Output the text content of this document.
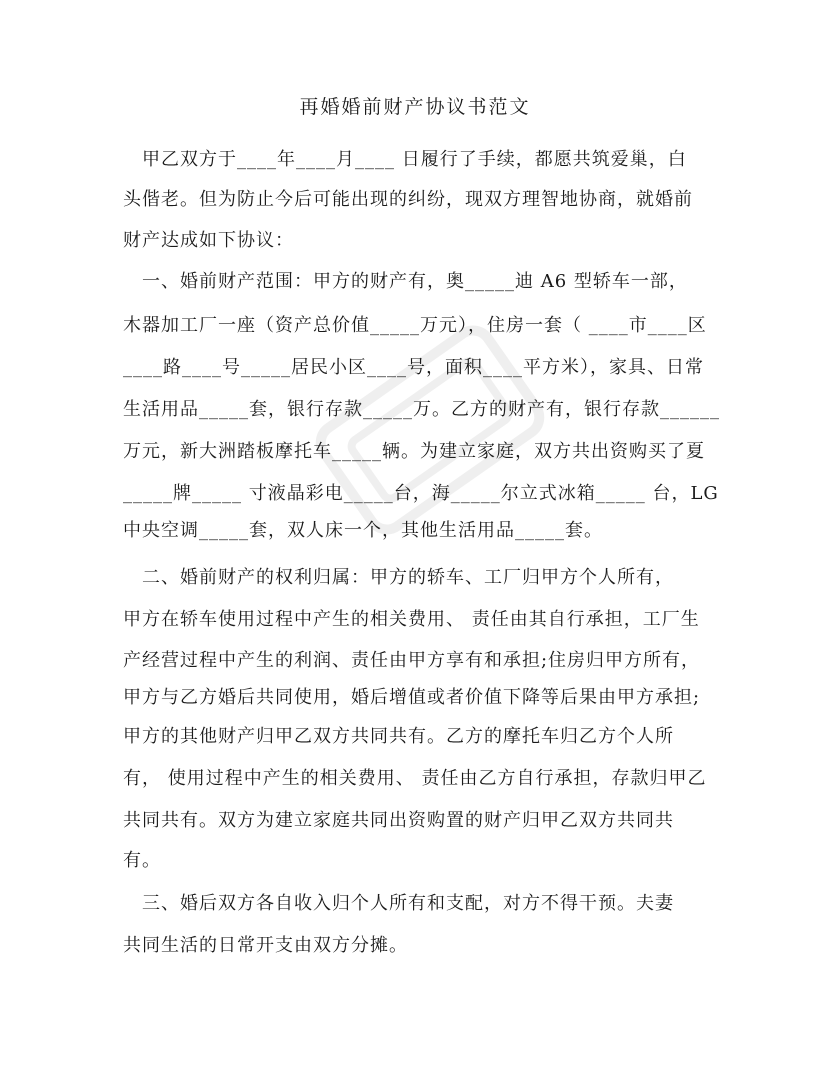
再婚婚前财产协议书范文
　甲乙双方于____年____月____ 日履行了手续，都愿共筑爱巢，白
头偕老。但为防止今后可能出现的纠纷，现双方理智地协商，就婚前
财产达成如下协议：
　一、婚前财产范围：甲方的财产有，奥_____迪 A6 型轿车一部，
木器加工厂一座（资产总价值_____万元），住房一套（ ____市____区
____路____号_____居民小区____号，面积____平方米），家具、日常
生活用品_____套，银行存款_____万。乙方的财产有，银行存款______
万元，新大洲踏板摩托车_____辆。为建立家庭，双方共出资购买了夏
_____牌_____ 寸液晶彩电_____台，海_____尔立式冰箱_____ 台，LG
中央空调_____套，双人床一个，其他生活用品_____套。
　二、婚前财产的权利归属：甲方的轿车、工厂归甲方个人所有，
甲方在轿车使用过程中产生的相关费用、 责任由其自行承担，工厂生
产经营过程中产生的利润、责任由甲方享有和承担;住房归甲方所有，
甲方与乙方婚后共同使用，婚后增值或者价值下降等后果由甲方承担;
甲方的其他财产归甲乙双方共同共有。乙方的摩托车归乙方个人所
有， 使用过程中产生的相关费用、 责任由乙方自行承担，存款归甲乙
共同共有。双方为建立家庭共同出资购置的财产归甲乙双方共同共
有。
　三、婚后双方各自收入归个人所有和支配，对方不得干预。夫妻
共同生活的日常开支由双方分摊。
